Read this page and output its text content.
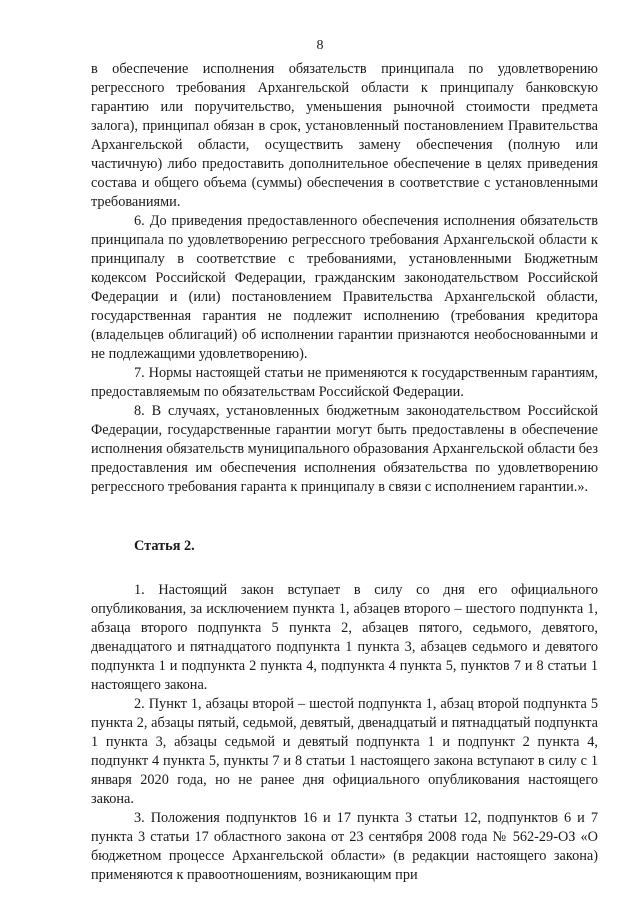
8

в обеспечение исполнения обязательств принципала по удовлетворению регрессного требования Архангельской области к принципалу банковскую гарантию или поручительство, уменьшения рыночной стоимости предмета залога), принципал обязан в срок, установленный постановлением Правительства Архангельской области, осуществить замену обеспечения (полную или частичную) либо предоставить дополнительное обеспечение в целях приведения состава и общего объема (суммы) обеспечения в соответствие с установленными требованиями.

6. До приведения предоставленного обеспечения исполнения обязательств принципала по удовлетворению регрессного требования Архангельской области к принципалу в соответствие с требованиями, установленными Бюджетным кодексом Российской Федерации, гражданским законодательством Российской Федерации и (или) постановлением Правительства Архангельской области, государственная гарантия не подлежит исполнению (требования кредитора (владельцев облигаций) об исполнении гарантии признаются необоснованными и не подлежащими удовлетворению).

7. Нормы настоящей статьи не применяются к государственным гарантиям, предоставляемым по обязательствам Российской Федерации.

8. В случаях, установленных бюджетным законодательством Российской Федерации, государственные гарантии могут быть предоставлены в обеспечение исполнения обязательств муниципального образования Архангельской области без предоставления им обеспечения исполнения обязательства по удовлетворению регрессного требования гаранта к принципалу в связи с исполнением гарантии.».

Статья 2.

1. Настоящий закон вступает в силу со дня его официального опубликования, за исключением пункта 1, абзацев второго – шестого подпункта 1, абзаца второго подпункта 5 пункта 2, абзацев пятого, седьмого, девятого, двенадцатого и пятнадцатого подпункта 1 пункта 3, абзацев седьмого и девятого подпункта 1 и подпункта 2 пункта 4, подпункта 4 пункта 5, пунктов 7 и 8 статьи 1 настоящего закона.

2. Пункт 1, абзацы второй – шестой подпункта 1, абзац второй подпункта 5 пункта 2, абзацы пятый, седьмой, девятый, двенадцатый и пятнадцатый подпункта 1 пункта 3, абзацы седьмой и девятый подпункта 1 и подпункт 2 пункта 4, подпункт 4 пункта 5, пункты 7 и 8 статьи 1 настоящего закона вступают в силу с 1 января 2020 года, но не ранее дня официального опубликования настоящего закона.

3. Положения подпунктов 16 и 17 пункта 3 статьи 12, подпунктов 6 и 7 пункта 3 статьи 17 областного закона от 23 сентября 2008 года № 562-29-ОЗ «О бюджетном процессе Архангельской области» (в редакции настоящего закона) применяются к правоотношениям, возникающим при
